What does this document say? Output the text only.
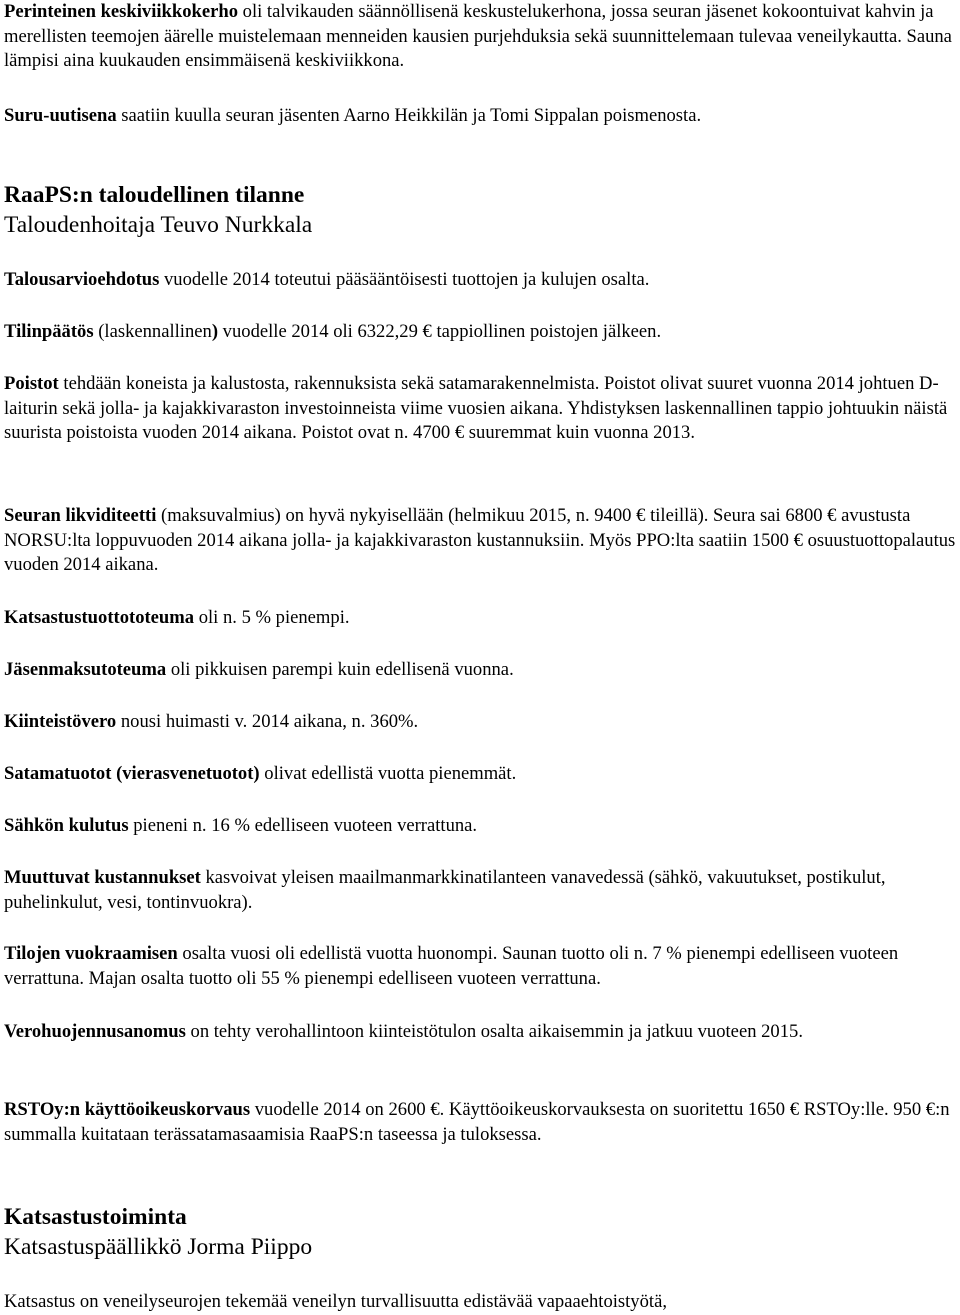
Perinteinen keskiviikkokerho oli talvikauden säännöllisenä keskustelukerhona, jossa seuran jäsenet kokoontuivat kahvin ja merellisten teemojen äärelle muistelemaan menneiden kausien purjehduksia sekä suunnittelemaan tulevaa veneilykautta. Sauna lämpisi aina kuukauden ensimmäisenä keskiviikkona.

Suru-uutisena saatiin kuulla seuran jäsenten Aarno Heikkilän ja Tomi Sippalan poismenosta.

RaaPS:n taloudellinen tilanne
Taloudenhoitaja Teuvo Nurkkala

Talousarvioehdotus vuodelle 2014 toteutui pääsääntöisesti tuottojen ja kulujen osalta.

Tilinpäätös (laskennallinen) vuodelle 2014 oli 6322,29 € tappiollinen poistojen jälkeen.

Poistot tehdään koneista ja kalustosta, rakennuksista sekä satamarakennelmista. Poistot olivat suuret vuonna 2014 johtuen D-laiturin sekä jolla- ja kajakkivaraston investoinneista viime vuosien aikana. Yhdistyksen laskennallinen tappio johtuukin näistä suurista poistoista vuoden 2014 aikana. Poistot ovat n. 4700 € suuremmat kuin vuonna 2013.

Seuran likviditeetti (maksuvalmius) on hyvä nykyisellään (helmikuu 2015, n. 9400 € tileillä). Seura sai 6800 € avustusta NORSU:lta loppuvuoden 2014 aikana jolla- ja kajakkivaraston kustannuksiin. Myös PPO:lta saatiin 1500 € osuustuottopalautus vuoden 2014 aikana.

Katsastustuottototeuma oli n. 5 % pienempi.

Jäsenmaksutoteuma oli pikkuisen parempi kuin edellisenä vuonna.

Kiinteistövero nousi huimasti v. 2014 aikana, n. 360%.

Satamatuotot (vierasvenetuotot) olivat edellistä vuotta pienemmät.

Sähkön kulutus pieneni n. 16 % edelliseen vuoteen verrattuna.

Muuttuvat kustannukset kasvoivat yleisen maailmanmarkkinatilanteen vanavedessä (sähkö, vakuutukset, postikulut, puhelinkulut, vesi, tontinvuokra).

Tilojen vuokraamisen osalta vuosi oli edellistä vuotta huonompi. Saunan tuotto oli n. 7 % pienempi edelliseen vuoteen verrattuna. Majan osalta tuotto oli 55 % pienempi edelliseen vuoteen verrattuna.

Verohuojennusanomus on tehty verohallintoon kiinteistötulon osalta aikaisemmin ja jatkuu vuoteen 2015.

RSTOy:n käyttöoikeuskorvaus vuodelle 2014 on 2600 €. Käyttöoikeuskorvauksesta on suoritettu 1650 € RSTOy:lle. 950 €:n summalla kuitataan terässatamasaamisia RaaPS:n taseessa ja tuloksessa.

Katsastustoiminta
Katsastuspäällikkö Jorma Piippo

Katsastus on veneilyseurojen tekemää veneilyn turvallisuutta edistävää vapaaehtoistyötä,
